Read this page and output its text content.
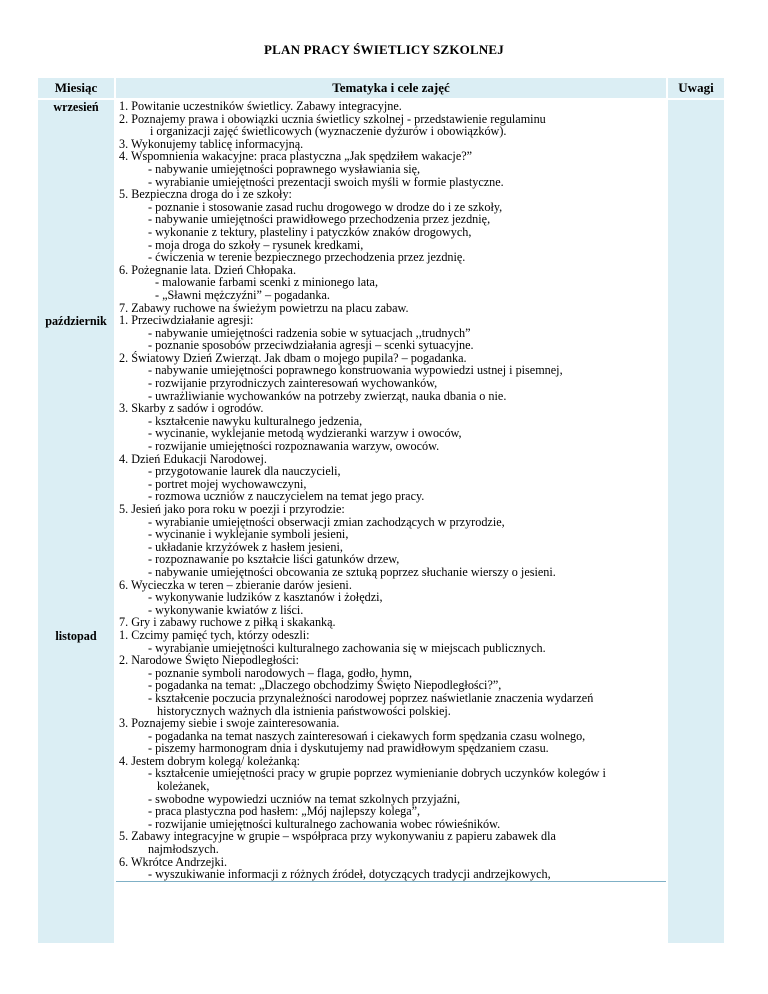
PLAN PRACY ŚWIETLICY SZKOLNEJ
Miesiąc	Tematyka i cele zajęć	Uwagi
1. Powitanie uczestników świetlicy. Zabawy integracyjne.
2. Poznajemy prawa i obowiązki ucznia świetlicy szkolnej - przedstawienie regulaminu
i organizacji zajęć świetlicowych (wyznaczenie dyżurów i obowiązków).
3. Wykonujemy tablicę informacyjną.
4. Wspomnienia wakacyjne: praca plastyczna „Jak spędziłem wakacje?”
- nabywanie umiejętności poprawnego wysławiania się,
- wyrabianie umiejętności prezentacji swoich myśli w formie plastyczne.
5. Bezpieczna droga do i ze szkoły:
- poznanie i stosowanie zasad ruchu drogowego w drodze do i ze szkoły,
- nabywanie umiejętności prawidłowego przechodzenia przez jezdnię,
- wykonanie z tektury, plasteliny i patyczków znaków drogowych,
- moja droga do szkoły – rysunek kredkami,
- ćwiczenia w terenie bezpiecznego przechodzenia przez jezdnię.
6. Pożegnanie lata. Dzień Chłopaka.
- malowanie farbami scenki z minionego lata,
- „Sławni mężczyźni” – pogadanka.
7. Zabawy ruchowe na świeżym powietrzu na placu zabaw.
1. Przeciwdziałanie agresji:
- nabywanie umiejętności radzenia sobie w sytuacjach ,,trudnych”
- poznanie sposobów przeciwdziałania agresji – scenki sytuacyjne.
2. Światowy Dzień Zwierząt. Jak dbam o mojego pupila? – pogadanka.
- nabywanie umiejętności poprawnego konstruowania wypowiedzi ustnej i pisemnej,
- rozwijanie przyrodniczych zainteresowań wychowanków,
- uwrażliwianie wychowanków na potrzeby zwierząt, nauka dbania o nie.
3. Skarby z sadów i ogrodów.
- kształcenie nawyku kulturalnego jedzenia,
- wycinanie, wyklejanie metodą wydzieranki warzyw i owoców,
- rozwijanie umiejętności rozpoznawania warzyw, owoców.
4. Dzień Edukacji Narodowej.
- przygotowanie laurek dla nauczycieli,
- portret mojej wychowawczyni,
- rozmowa uczniów z nauczycielem na temat jego pracy.
5. Jesień jako pora roku w poezji i przyrodzie:
- wyrabianie umiejętności obserwacji zmian zachodzących w przyrodzie,
- wycinanie i wyklejanie symboli jesieni,
- układanie krzyżówek z hasłem jesieni,
- rozpoznawanie po kształcie liści gatunków drzew,
- nabywanie umiejętności obcowania ze sztuką poprzez słuchanie wierszy o jesieni.
6. Wycieczka w teren – zbieranie darów jesieni.
- wykonywanie ludzików z kasztanów i żołędzi,
- wykonywanie kwiatów z liści.
7. Gry i zabawy ruchowe z piłką i skakanką.
1. Czcimy pamięć tych, którzy odeszli:
- wyrabianie umiejętności kulturalnego zachowania się w miejscach publicznych.
2. Narodowe Święto Niepodległości:
- poznanie symboli narodowych – flaga, godło, hymn,
- pogadanka na temat: „Dlaczego obchodzimy Święto Niepodległości?”,
- kształcenie poczucia przynależności narodowej poprzez naświetlanie znaczenia wydarzeń
historycznych ważnych dla istnienia państwowości polskiej.
3. Poznajemy siebie i swoje zainteresowania.
- pogadanka na temat naszych zainteresowań i ciekawych form spędzania czasu wolnego,
- piszemy harmonogram dnia i dyskutujemy nad prawidłowym spędzaniem czasu.
4. Jestem dobrym kolegą/ koleżanką:
- kształcenie umiejętności pracy w grupie poprzez wymienianie dobrych uczynków kolegów i
koleżanek,
- swobodne wypowiedzi uczniów na temat szkolnych przyjaźni,
- praca plastyczna pod hasłem: „Mój najlepszy kolega”,
- rozwijanie umiejętności kulturalnego zachowania wobec rówieśników.
5. Zabawy integracyjne w grupie – współpraca przy wykonywaniu z papieru zabawek dla
najmłodszych.
6. Wkrótce Andrzejki.
- wyszukiwanie informacji z różnych źródeł, dotyczących tradycji andrzejkowych,
wrzesień
październik
listopad
